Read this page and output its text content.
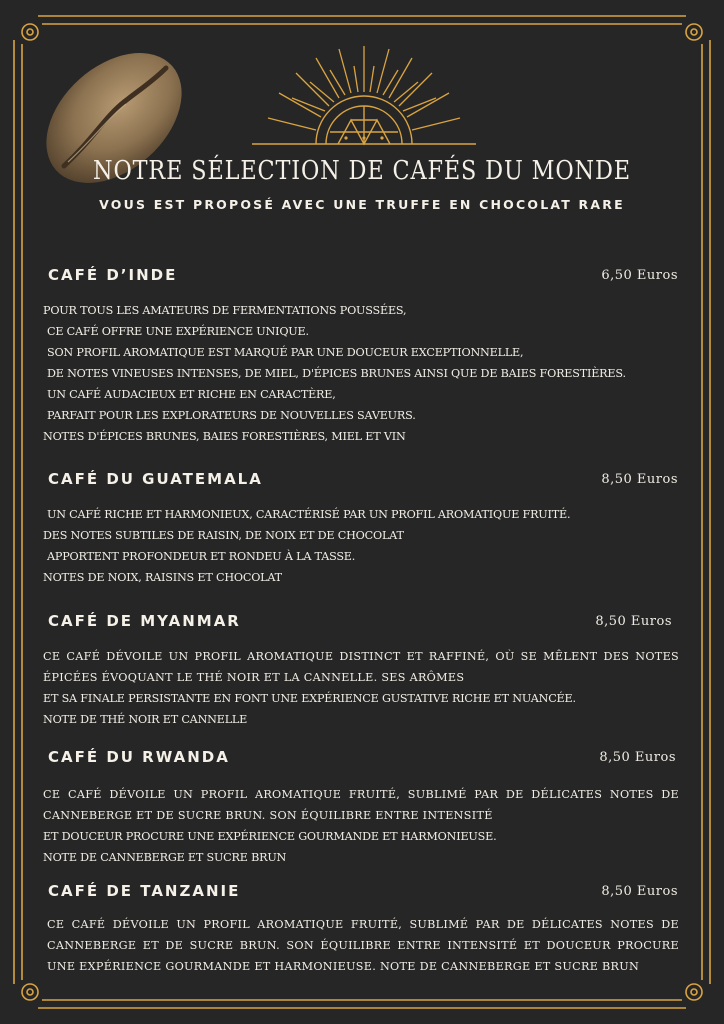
NOTRE SÉLECTION DE CAFÉS DU MONDE
VOUS EST PROPOSÉ AVEC UNE TRUFFE EN CHOCOLAT RARE
CAFÉ D’INDE	6,50 Euros
POUR TOUS LES AMATEURS DE FERMENTATIONS POUSSÉES,
CE CAFÉ OFFRE UNE EXPÉRIENCE UNIQUE.
SON PROFIL AROMATIQUE EST MARQUÉ PAR UNE DOUCEUR EXCEPTIONNELLE,
DE NOTES VINEUSES INTENSES, DE MIEL, D'ÉPICES BRUNES AINSI QUE DE BAIES FORESTIÈRES.
UN CAFÉ AUDACIEUX ET RICHE EN CARACTÈRE,
PARFAIT POUR LES EXPLORATEURS DE NOUVELLES SAVEURS.
NOTES D'ÉPICES BRUNES, BAIES FORESTIÈRES, MIEL ET VIN
CAFÉ DU GUATEMALA	8,50 Euros
UN CAFÉ RICHE ET HARMONIEUX, CARACTÉRISÉ PAR UN PROFIL AROMATIQUE FRUITÉ.
DES NOTES SUBTILES DE RAISIN, DE NOIX ET DE CHOCOLAT
APPORTENT PROFONDEUR ET RONDEU À LA TASSE.
NOTES DE NOIX, RAISINS ET CHOCOLAT
CAFÉ DE MYANMAR	8,50 Euros
CE CAFÉ DÉVOILE UN PROFIL AROMATIQUE DISTINCT ET RAFFINÉ, OÙ SE MÊLENT DES NOTES ÉPICÉES ÉVOQUANT LE THÉ NOIR ET LA CANNELLE. SES ARÔMES
ET SA FINALE PERSISTANTE EN FONT UNE EXPÉRIENCE GUSTATIVE RICHE ET NUANCÉE.
NOTE DE THÉ NOIR ET CANNELLE
CAFÉ DU RWANDA	8,50 Euros
CE CAFÉ DÉVOILE UN PROFIL AROMATIQUE FRUITÉ, SUBLIMÉ PAR DE DÉLICATES NOTES DE CANNEBERGE ET DE SUCRE BRUN. SON ÉQUILIBRE ENTRE INTENSITÉ
ET DOUCEUR PROCURE UNE EXPÉRIENCE GOURMANDE ET HARMONIEUSE.
NOTE DE CANNEBERGE ET SUCRE BRUN
CAFÉ DE TANZANIE	8,50 Euros
CE CAFÉ DÉVOILE UN PROFIL AROMATIQUE FRUITÉ, SUBLIMÉ PAR DE DÉLICATES NOTES DE CANNEBERGE ET DE SUCRE BRUN. SON ÉQUILIBRE ENTRE INTENSITÉ ET DOUCEUR PROCURE UNE EXPÉRIENCE GOURMANDE ET HARMONIEUSE. NOTE DE CANNEBERGE ET SUCRE BRUN
